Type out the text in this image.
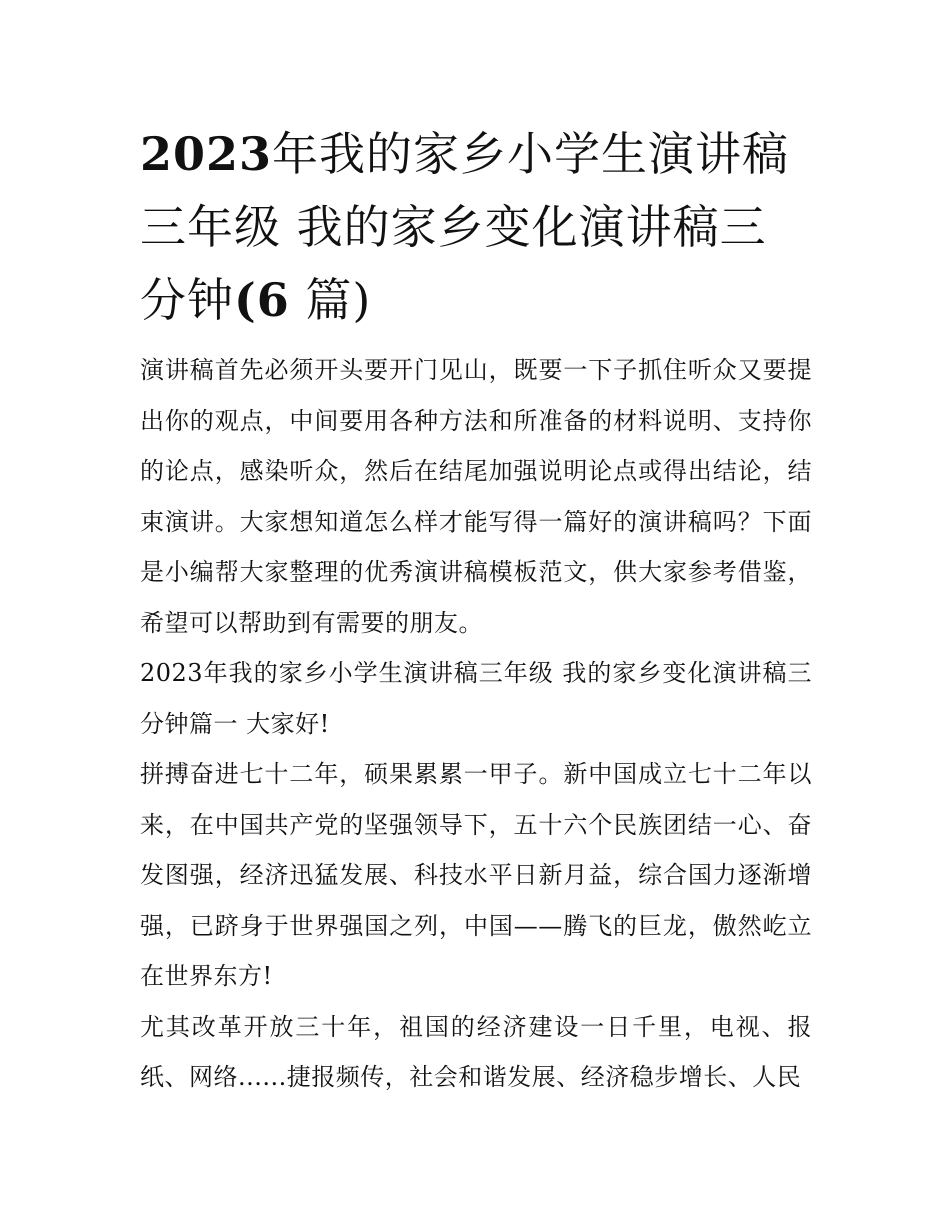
2023年我的家乡小学生演讲稿三年级 我的家乡变化演讲稿三分钟(6 篇)

演讲稿首先必须开头要开门见山，既要一下子抓住听众又要提出你的观点，中间要用各种方法和所准备的材料说明、支持你的论点，感染听众，然后在结尾加强说明论点或得出结论，结束演讲。大家想知道怎么样才能写得一篇好的演讲稿吗？下面是小编帮大家整理的优秀演讲稿模板范文，供大家参考借鉴，希望可以帮助到有需要的朋友。

2023年我的家乡小学生演讲稿三年级 我的家乡变化演讲稿三分钟篇一 大家好!

拼搏奋进七十二年，硕果累累一甲子。新中国成立七十二年以来，在中国共产党的坚强领导下，五十六个民族团结一心、奋发图强，经济迅猛发展、科技水平日新月益，综合国力逐渐增强，已跻身于世界强国之列，中国——腾飞的巨龙，傲然屹立在世界东方!

尤其改革开放三十年，祖国的经济建设一日千里，电视、报纸、网络......捷报频传，社会和谐发展、经济稳步增长、人民
